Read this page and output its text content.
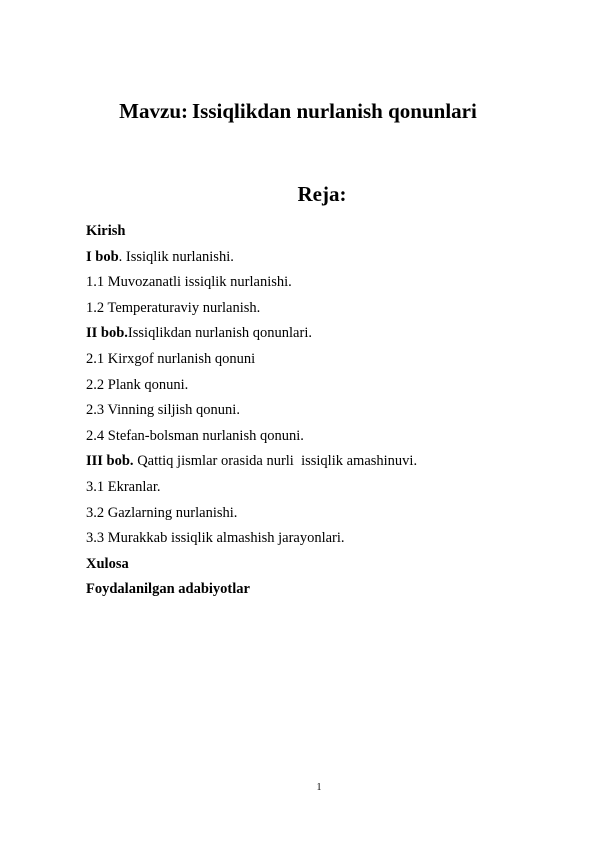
Mavzu: Issiqlikdan nurlanish qonunlari
Reja:
Kirish
I bob. Issiqlik nurlanishi.
1.1 Muvozanatli issiqlik nurlanishi.
1.2 Temperaturaviy nurlanish.
II bob.Issiqlikdan nurlanish qonunlari.
2.1 Kirxgof nurlanish qonuni
2.2 Plank qonuni.
2.3 Vinning siljish qonuni.
2.4 Stefan-bolsman nurlanish qonuni.
III bob. Qattiq jismlar orasida nurli  issiqlik amashinuvi.
3.1 Ekranlar.
3.2 Gazlarning nurlanishi.
3.3 Murakkab issiqlik almashish jarayonlari.
Xulosa
Foydalanilgan adabiyotlar
1
